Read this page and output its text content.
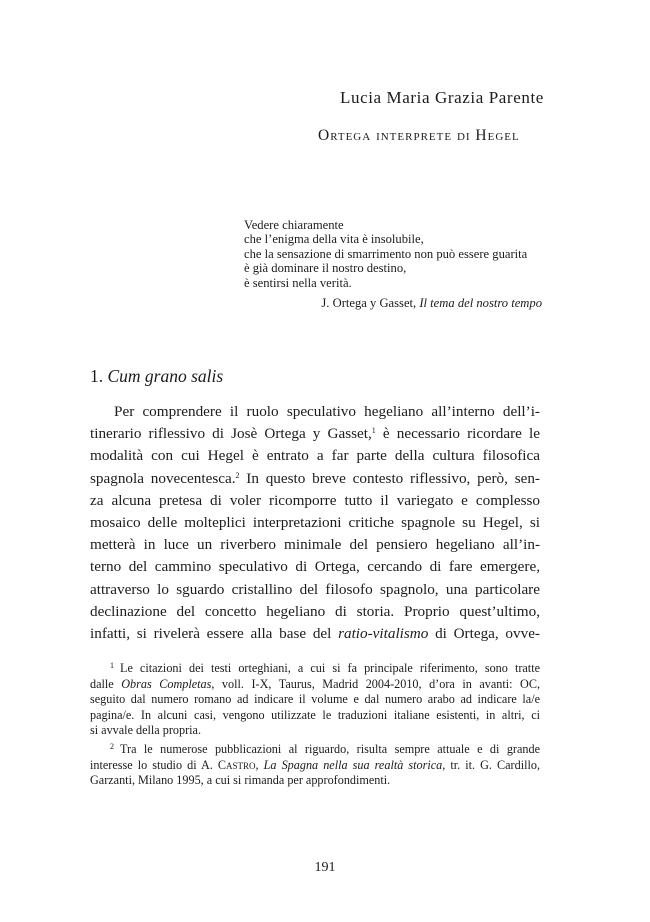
Lucia Maria Grazia Parente
Ortega interprete di Hegel
Vedere chiaramente
che l’enigma della vita è insolubile,
che la sensazione di smarrimento non può essere guarita
è già dominare il nostro destino,
è sentirsi nella verità.
J. Ortega y Gasset, Il tema del nostro tempo
1. Cum grano salis
Per comprendere il ruolo speculativo hegeliano all’interno dell’i-
tinerario riflessivo di Josè Ortega y Gasset,$^1$ è necessario ricordare le
modalità con cui Hegel è entrato a far parte della cultura filosofica
spagnola novecentesca.$^2$ In questo breve contesto riflessivo, però, sen-
za alcuna pretesa di voler ricomporre tutto il variegato e complesso
mosaico delle molteplici interpretazioni critiche spagnole su Hegel, si
metterà in luce un riverbero minimale del pensiero hegeliano all’in-
terno del cammino speculativo di Ortega, cercando di fare emergere,
attraverso lo sguardo cristallino del filosofo spagnolo, una particolare
declinazione del concetto hegeliano di storia. Proprio quest’ultimo,
infatti, si rivelerà essere alla base del ratio-vitalismo di Ortega, ovve-
$^1$ Le citazioni dei testi orteghiani, a cui si fa principale riferimento, sono tratte
dalle Obras Completas, voll. I-X, Taurus, Madrid 2004-2010, d’ora in avanti: OC,
seguito dal numero romano ad indicare il volume e dal numero arabo ad indicare la/e
pagina/e. In alcuni casi, vengono utilizzate le traduzioni italiane esistenti, in altri, ci
si avvale della propria.
$^2$ Tra le numerose pubblicazioni al riguardo, risulta sempre attuale e di grande
interesse lo studio di A. Castro, La Spagna nella sua realtà storica, tr. it. G. Cardillo,
Garzanti, Milano 1995, a cui si rimanda per approfondimenti.
191
